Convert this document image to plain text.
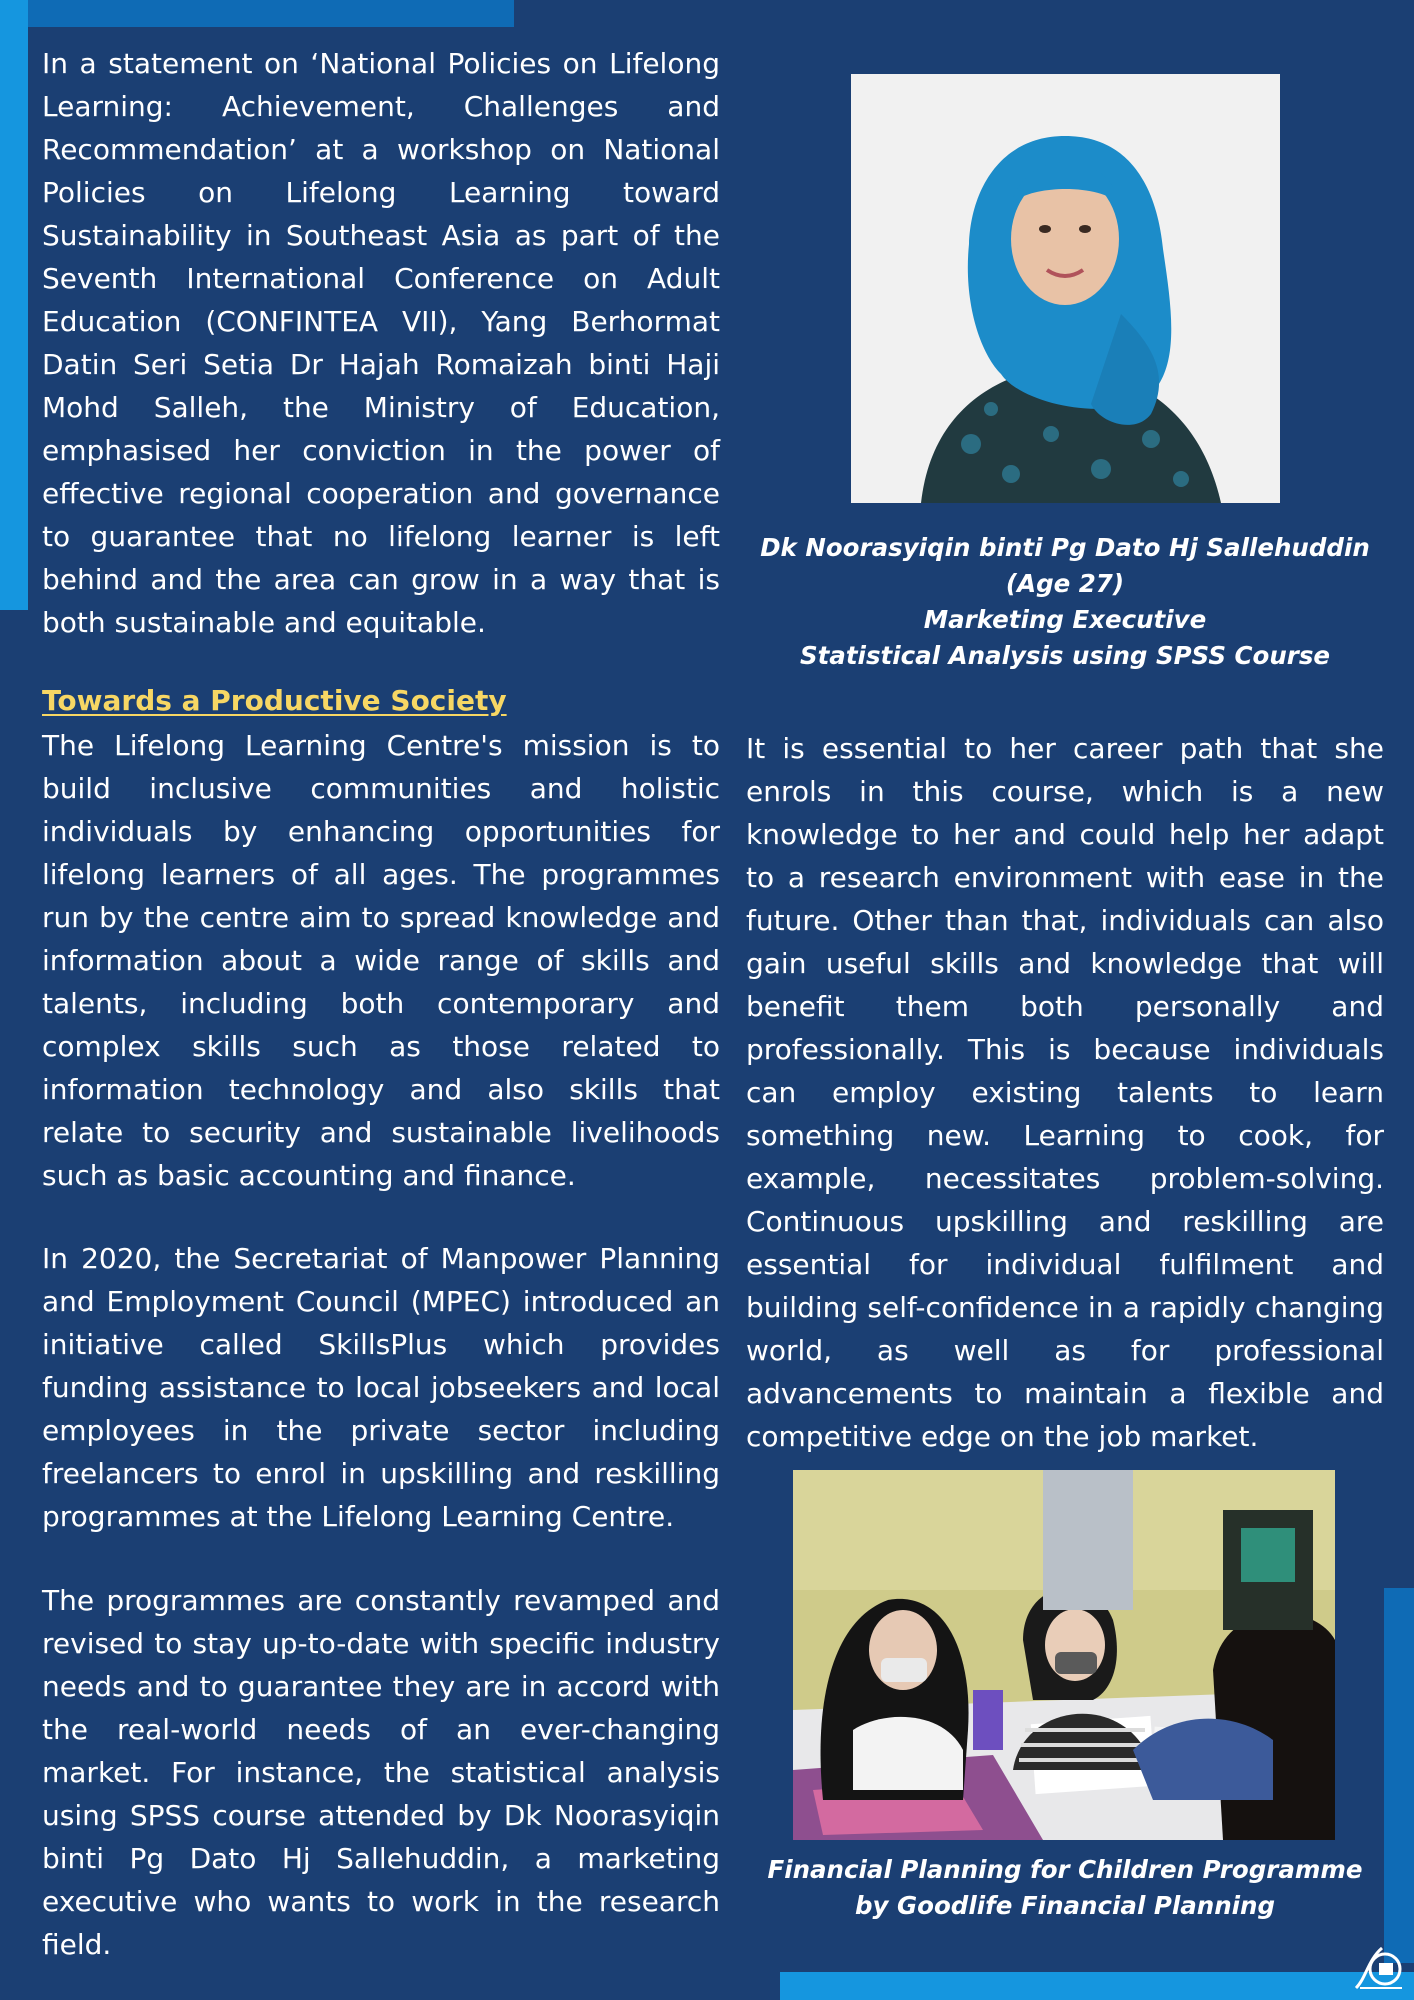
In a statement on ‘National Policies on Lifelong Learning: Achievement, Challenges and Recommendation’ at a workshop on National Policies on Lifelong Learning toward Sustainability in Southeast Asia as part of the Seventh International Conference on Adult Education (CONFINTEA VII), Yang Berhormat Datin Seri Setia Dr Hajah Romaizah binti Haji Mohd Salleh, the Ministry of Education, emphasised her conviction in the power of effective regional cooperation and governance to guarantee that no lifelong learner is left behind and the area can grow in a way that is both sustainable and equitable.

Towards a Productive Society

The Lifelong Learning Centre's mission is to build inclusive communities and holistic individuals by enhancing opportunities for lifelong learners of all ages. The programmes run by the centre aim to spread knowledge and information about a wide range of skills and talents, including both contemporary and complex skills such as those related to information technology and also skills that relate to security and sustainable livelihoods such as basic accounting and finance.

In 2020, the Secretariat of Manpower Planning and Employment Council (MPEC) introduced an initiative called SkillsPlus which provides funding assistance to local jobseekers and local employees in the private sector including freelancers to enrol in upskilling and reskilling programmes at the Lifelong Learning Centre.

The programmes are constantly revamped and revised to stay up-to-date with specific industry needs and to guarantee they are in accord with the real-world needs of an ever-changing market. For instance, the statistical analysis using SPSS course attended by Dk Noorasyiqin binti Pg Dato Hj Sallehuddin, a marketing executive who wants to work in the research field.

Dk Noorasyiqin binti Pg Dato Hj Sallehuddin

(Age 27)

Marketing Executive

Statistical Analysis using SPSS Course

It is essential to her career path that she enrols in this course, which is a new knowledge to her and could help her adapt to a research environment with ease in the future. Other than that, individuals can also gain useful skills and knowledge that will benefit them both personally and professionally. This is because individuals can employ existing talents to learn something new. Learning to cook, for example, necessitates problem-solving. Continuous upskilling and reskilling are essential for individual fulfilment and building self-confidence in a rapidly changing world, as well as for professional advancements to maintain a flexible and competitive edge on the job market.

Financial Planning for Children Programme

by Goodlife Financial Planning
